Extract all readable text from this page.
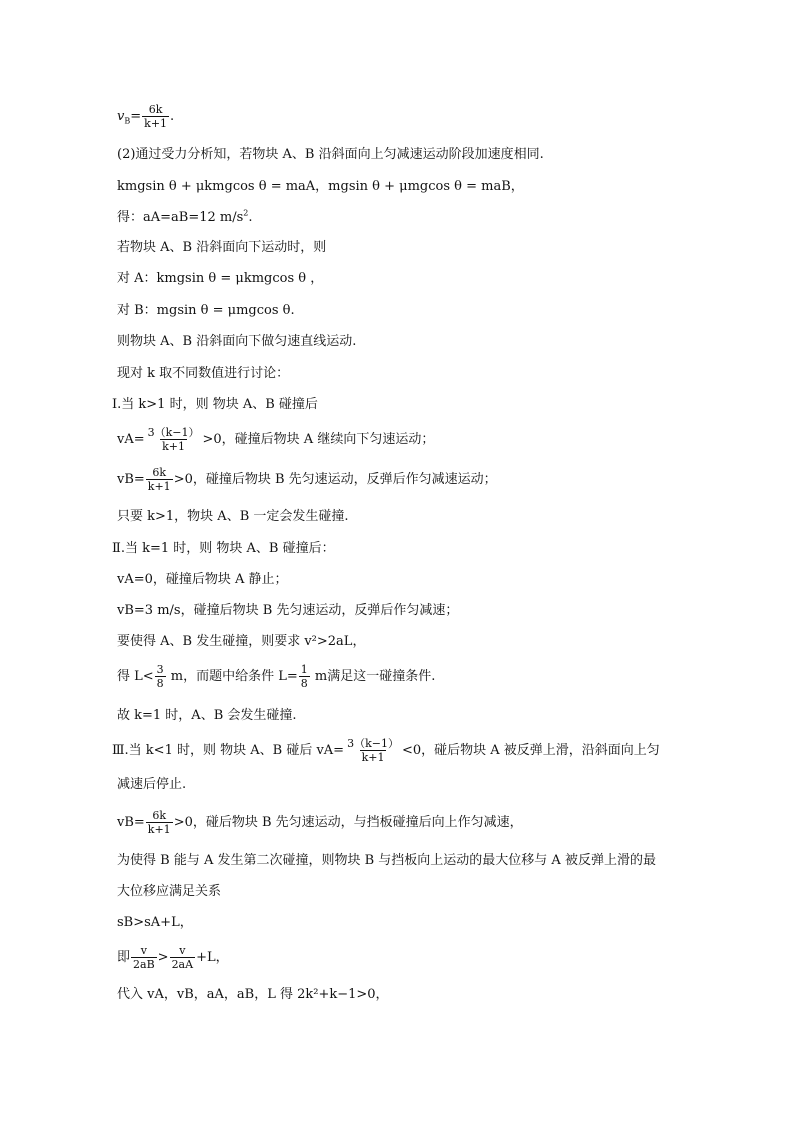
$v_B= \frac{6k}{k+1}$ .
(2)通过受力分析知，若物块 A、B 沿斜面向上匀减速运动阶段加速度相同.
kmgsin θ + μkmgcos θ = maA，mgsin θ + μmgcos θ = maB，
得：aA=aB=12 $m/s^2$.
若物块 A、B 沿斜面向下运动时，则
对 A：kmgsin θ = μkmgcos θ ，
对 B：mgsin θ = μmgcos θ.
则物块 A、B 沿斜面向下做匀速直线运动.
现对 k 取不同数值进行讨论：
Ⅰ.当 k>1 时，则 物块 A、B 碰撞后
$vA= \frac{3(k-1)}{k+1} >0$，碰撞后物块 A 继续向下匀速运动；
$vB= \frac{6k}{k+1} >0$，碰撞后物块 B 先匀速运动，反弹后作匀减速运动；
只要 k>1，物块 A、B 一定会发生碰撞.
Ⅱ.当 k=1 时，则 物块 A、B 碰撞后：
vA=0，碰撞后物块 A 静止；
vB=3 m/s，碰撞后物块 B 先匀速运动，反弹后作匀减速；
要使得 A、B 发生碰撞，则要求 v²>2aL，
得 $L< \frac{3}{8}$ m，而题中给条件 $L= \frac{1}{8}$ m满足这一碰撞条件.
故 k=1 时，A、B 会发生碰撞.
Ⅲ.当 k<1 时，则 物块 A、B 碰后 $vA= \frac{3(k-1)}{k+1} <0$，碰后物块 A 被反弹上滑，沿斜面向上匀
减速后停止.
$vB= \frac{6k}{k+1} >0$，碰后物块 B 先匀速运动，与挡板碰撞后向上作匀减速，
为使得 B 能与 A 发生第二次碰撞，则物块 B 与挡板向上运动的最大位移与 A 被反弹上滑的最
大位移应满足关系
sB>sA+L，
即 $\frac{v}{2aB} > \frac{v}{2aA} +L$，
代入 vA，vB，aA，aB，L 得 2k²+k−1>0，
